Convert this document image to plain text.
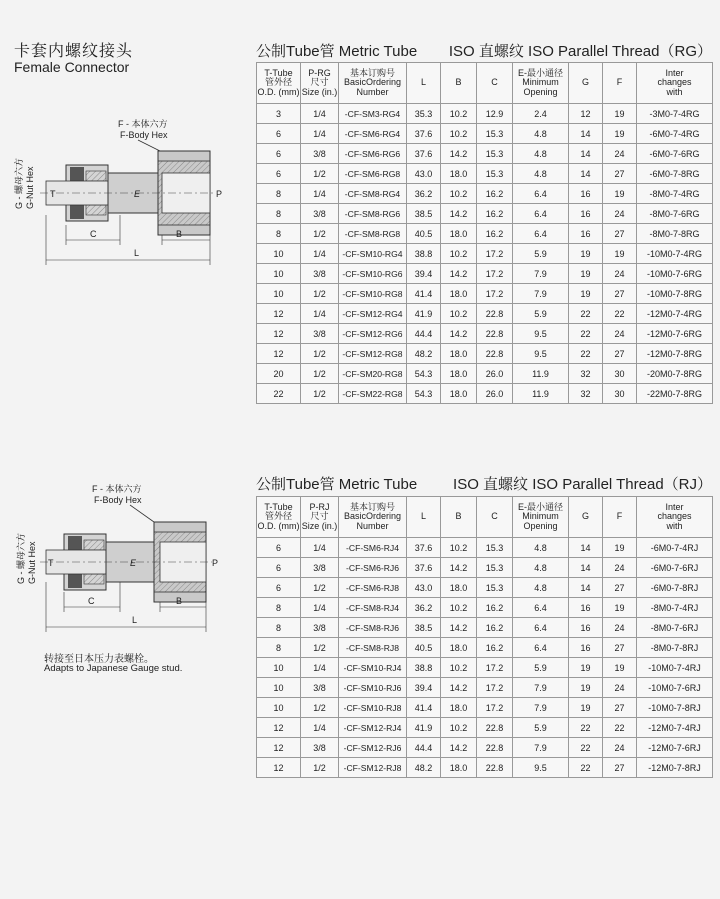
卡套内螺纹接头
Female Connector
F - 本体六方
F-Body Hex
G - 螺母六方 G-Nut Hex T	E	P
C	B
L
F - 本体六方
F-Body Hex
G - 螺母六方 G-Nut Hex T	E	P
C	B
L
转接至日本压力表螺栓。
Adapts to Japanese Gauge stud.
公制Tube管 Metric Tube ISO 直螺纹 ISO Parallel Thread（RG）
T-Tube
管外径
O.D. (mm)	P-RG
尺寸
Size (in.)	基本订购号
BasicOrdering
Number	L	B	C	E-最小通径
Minimum
Opening	G	F	Inter
changes
with

3	1/4	-CF-SM3-RG4	35.3	10.2	12.9	2.4	12	19	-3M0-7-4RG
6	1/4	-CF-SM6-RG4	37.6	10.2	15.3	4.8	14	19	-6M0-7-4RG
6	3/8	-CF-SM6-RG6	37.6	14.2	15.3	4.8	14	24	-6M0-7-6RG
6	1/2	-CF-SM6-RG8	43.0	18.0	15.3	4.8	14	27	-6M0-7-8RG
8	1/4	-CF-SM8-RG4	36.2	10.2	16.2	6.4	16	19	-8M0-7-4RG
8	3/8	-CF-SM8-RG6	38.5	14.2	16.2	6.4	16	24	-8M0-7-6RG
8	1/2	-CF-SM8-RG8	40.5	18.0	16.2	6.4	16	27	-8M0-7-8RG
10	1/4	-CF-SM10-RG4	38.8	10.2	17.2	5.9	19	19	-10M0-7-4RG
10	3/8	-CF-SM10-RG6	39.4	14.2	17.2	7.9	19	24	-10M0-7-6RG
10	1/2	-CF-SM10-RG8	41.4	18.0	17.2	7.9	19	27	-10M0-7-8RG
12	1/4	-CF-SM12-RG4	41.9	10.2	22.8	5.9	22	22	-12M0-7-4RG
12	3/8	-CF-SM12-RG6	44.4	14.2	22.8	9.5	22	24	-12M0-7-6RG
12	1/2	-CF-SM12-RG8	48.2	18.0	22.8	9.5	22	27	-12M0-7-8RG
20	1/2	-CF-SM20-RG8	54.3	18.0	26.0	11.9	32	30	-20M0-7-8RG
22	1/2	-CF-SM22-RG8	54.3	18.0	26.0	11.9	32	30	-22M0-7-8RG
公制Tube管 Metric Tube ISO 直螺纹 ISO Parallel Thread（RJ）
T-Tube
管外径
O.D. (mm)	P-RJ
尺寸
Size (in.)	基本订购号
BasicOrdering
Number	L	B	C	E-最小通径
Minimum
Opening	G	F	Inter
changes
with

6	1/4	-CF-SM6-RJ4	37.6	10.2	15.3	4.8	14	19	-6M0-7-4RJ
6	3/8	-CF-SM6-RJ6	37.6	14.2	15.3	4.8	14	24	-6M0-7-6RJ
6	1/2	-CF-SM6-RJ8	43.0	18.0	15.3	4.8	14	27	-6M0-7-8RJ
8	1/4	-CF-SM8-RJ4	36.2	10.2	16.2	6.4	16	19	-8M0-7-4RJ
8	3/8	-CF-SM8-RJ6	38.5	14.2	16.2	6.4	16	24	-8M0-7-6RJ
8	1/2	-CF-SM8-RJ8	40.5	18.0	16.2	6.4	16	27	-8M0-7-8RJ
10	1/4	-CF-SM10-RJ4	38.8	10.2	17.2	5.9	19	19	-10M0-7-4RJ
10	3/8	-CF-SM10-RJ6	39.4	14.2	17.2	7.9	19	24	-10M0-7-6RJ
10	1/2	-CF-SM10-RJ8	41.4	18.0	17.2	7.9	19	27	-10M0-7-8RJ
12	1/4	-CF-SM12-RJ4	41.9	10.2	22.8	5.9	22	22	-12M0-7-4RJ
12	3/8	-CF-SM12-RJ6	44.4	14.2	22.8	7.9	22	24	-12M0-7-6RJ
12	1/2	-CF-SM12-RJ8	48.2	18.0	22.8	9.5	22	27	-12M0-7-8RJ
